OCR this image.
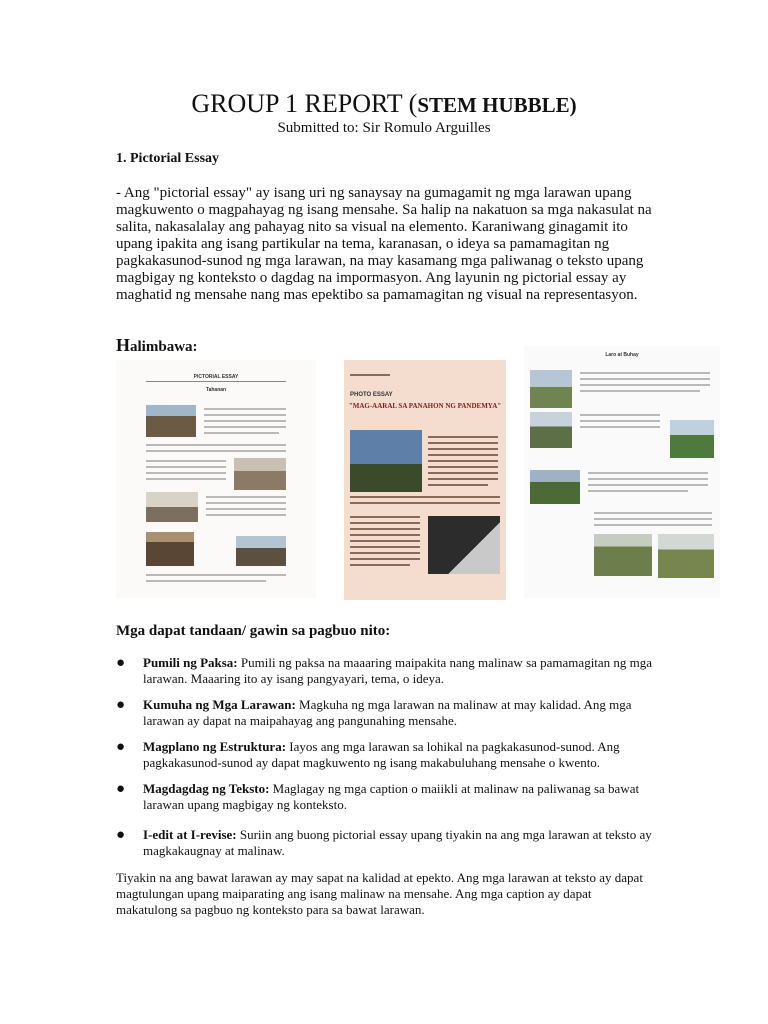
GROUP 1 REPORT (STEM HUBBLE)
Submitted to: Sir Romulo Arguilles
1. Pictorial Essay
- Ang "pictorial essay" ay isang uri ng sanaysay na gumagamit ng mga larawan upang magkuwento o magpahayag ng isang mensahe. Sa halip na nakatuon sa mga nakasulat na salita, nakasalalay ang pahayag nito sa visual na elemento. Karaniwang ginagamit ito upang ipakita ang isang partikular na tema, karanasan, o ideya sa pamamagitan ng pagkakasunod-sunod ng mga larawan, na may kasamang mga paliwanag o teksto upang magbigay ng konteksto o dagdag na impormasyon. Ang layunin ng pictorial essay ay maghatid ng mensahe nang mas epektibo sa pamamagitan ng visual na representasyon.
Halimbawa:
PICTORIAL ESSAY
Tahanan
PHOTO ESSAY
"MAG-AARAL SA PANAHON NG PANDEMYA"
Laro at Buhay
Mga dapat tandaan/ gawin sa pagbuo nito:
● Pumili ng Paksa: Pumili ng paksa na maaaring maipakita nang malinaw sa pamamagitan ng mga larawan. Maaaring ito ay isang pangyayari, tema, o ideya.
● Kumuha ng Mga Larawan: Magkuha ng mga larawan na malinaw at may kalidad. Ang mga larawan ay dapat na maipahayag ang pangunahing mensahe.
● Magplano ng Estruktura: Iayos ang mga larawan sa lohikal na pagkakasunod-sunod. Ang pagkakasunod-sunod ay dapat magkuwento ng isang makabuluhang mensahe o kwento.
● Magdagdag ng Teksto: Maglagay ng mga caption o maiikli at malinaw na paliwanag sa bawat larawan upang magbigay ng konteksto.
● I-edit at I-revise: Suriin ang buong pictorial essay upang tiyakin na ang mga larawan at teksto ay magkakaugnay at malinaw.
Tiyakin na ang bawat larawan ay may sapat na kalidad at epekto. Ang mga larawan at teksto ay dapat magtulungan upang maiparating ang isang malinaw na mensahe. Ang mga caption ay dapat makatulong sa pagbuo ng konteksto para sa bawat larawan.
